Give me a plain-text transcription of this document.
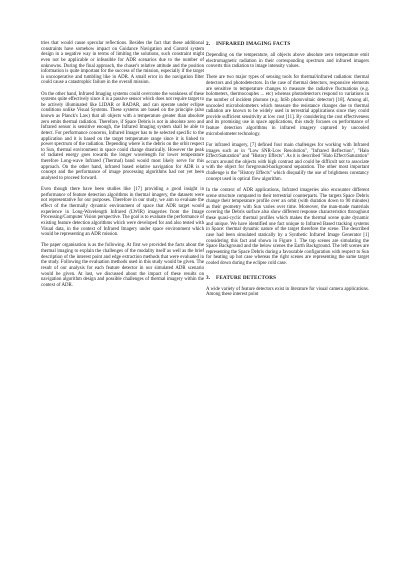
tries that would cause specular reflections. Besides the fact that these additional constraints have somehow impact on Guidance Navigation and Control system design in a negative way in terms of limiting the solutions, such constraint might even not be applicable or infeasible for ADR scenarios due to the number of unknowns. During the final approach, the chaser's relative attitude and the position information is quite important for the success of the mission, especially if the target is uncooperative and tumbling like in ADR. A small error in the navigation filter could cause a catastrophic failure in the overall mission.

On the other hand, Infrared Imaging systems could overcome the weakness of these systems quite effectively since it is a passive sensor which does not require target to be actively illuminated like LIDAR or RADAR, and can operate under eclipse conditions unlike Visual Systems. These systems are based on the principle (also known as Planck's Law) that all objects with a temperature greater than absolute zero emits thermal radiation. Therefore, if Space Debris is not in absolute zero and Infrared sensor is sensitive enough, the Infrared Imaging system shall be able to detect. For performance concerns, Infrared Imager has to be selected specific to the application and it is based on the target temperature range since it is linked to power spectrum of the radiation. Depending where is the debris on the orbit respect to Sun, thermal environment in space could change drastically. However the peak of radiated energy goes towards the longer wavelength for lower temperature therefore Long-wave Infrared (Thermal) band would most likely serve for this approach. On the other hand, infrared based relative navigation for ADR is a concept and the performance of image processing algorithms had not yet been analysed to proceed forward.

Even though there have been studies like [17] providing a good insight in performance of feature detection algorithms in thermal imagery, the datasets were not representative for our purposes. Therefore in our study, we aim to evaluate the effect of the thermally dynamic environment of space that ADR target would experience in Long-Wavelength Infrared (LWIR) imageries from the Image Processing/Computer Vision perspective. The goal is to evaluate the performance of existing feature detection algorithms which were developed for and also tested with Visual data, in the context of Infrared Imagery under space environment which would be representing an ADR mission.

The paper organisation is as the following. At first we provided the facts about the thermal imaging to explain the challenges of the modality itself as well as the brief description of the interest point and edge extraction methods that were evaluated in the study. Following the evaluation methods used in this study would be given. The result of our analysis for each feature detector in our simulated ADR scenario would be given. At last, we discussed about the impact of these results on navigation algorithm design and possible challenges of thermal imagery within the context of ADR.

2. INFRARED IMAGING FACTS

Depending on the temperature, all objects above absolute zero temperature emit electromagnetic radiation in their corresponding spectrum and infrared imagers converts this radiation to image intensity values.

There are two major types of sensing tools for thermal/infrared radiation: thermal detectors and photodetectors. In the case of thermal detectors, responsive elements are sensitive to temperature changes to measure the radiative fluctuations (e.g. bolometers, thermocouples ... etc) whereas photodetectors respond to variations in the number of incident photons (e.g. InSb photovoltaic detector) [18]. Among all, uncooled microbolometers which measure the resistance changes due to thermal radiation are known to be widely used in terrestrial applications since they could provide sufficient sensitivity at low cost [11]. By considering the cost effectiveness and its promising use in space applications, this study focuses on performance of feature detection algorithms in infrared imagery captured by uncooled microbolometer technology.

For infrared imagery, [7] defined four main challenges for working with Infrared images such as in "Low SNR-Low Resolution", "Infrared Reflection", "Halo Effect/Saturation" and "History Effects". As it is described "Halo Effect/Saturation" occurs around the objects with high contrast and could be difficult not to associate with the object for foreground-background separation. The other most important challenge is the "History Effects" which disqualify the use of brightness constancy concept used in optical flow algorithm.

In the context of ADR applications, Infrared imageries also encounter different scene structure compared to their terrestrial counterparts. The targets Space Debris change their temperature profile over an orbit (with duration down to 90 minutes) as their geometry with Sun varies over time. Moreover, the man-made materials covering the Debris surface also show different response characteristics throughout these quasi-cyclic thermal profiles which makes the thermal scene quite dynamic and unique. We have identified one fact unique to Infrared Based tracking systems in Space: thermal dynamic nature of the target therefore the scene. The described case had been simulated statically by a Synthetic Infrared Image Generator [1] considering this fact and shown in Figure 1. The top scenes are simulating the Space Background and the below scenes the Earth Background. The left scenes are representing the Space Debris during a favourable configuration with respect to Sun for heating up hot case whereas the right scenes are representing the same target cooled down during the eclipse cold case.

3. FEATURE DETECTORS

A wide variety of feature detectors exist in literature for visual camera applications. Among these interest point
